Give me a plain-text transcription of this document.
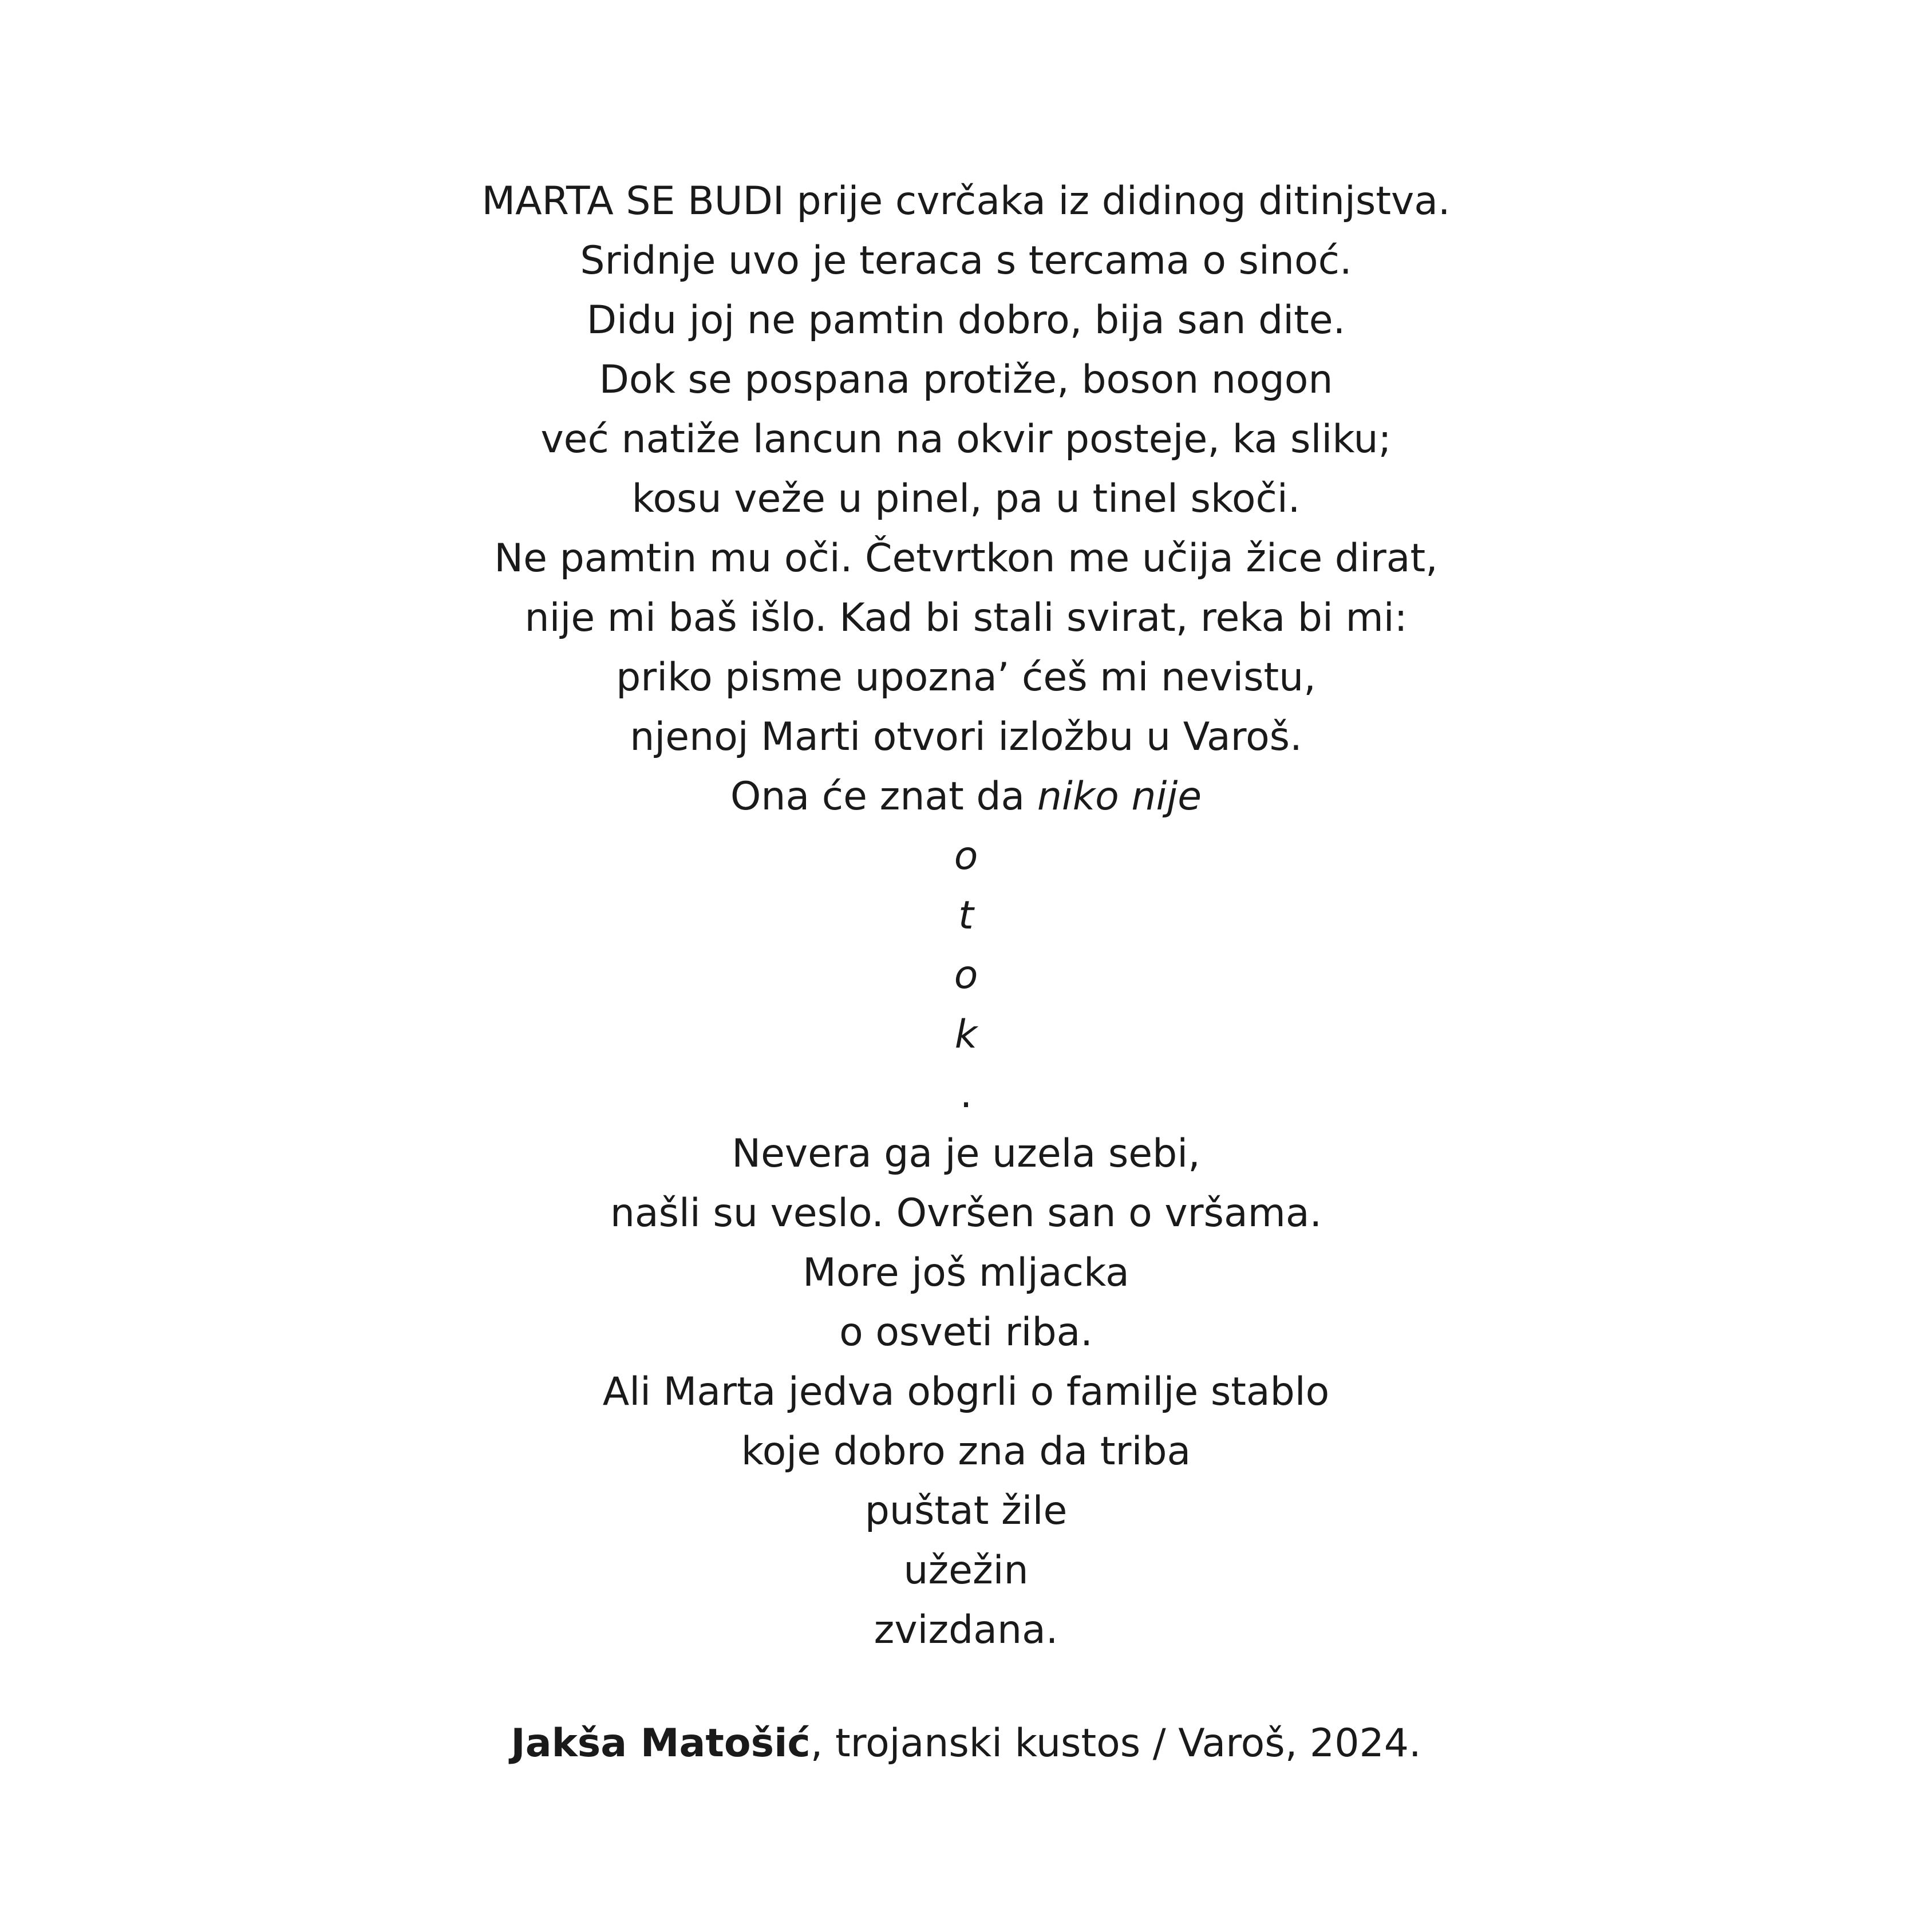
MARTA SE BUDI prije cvrčaka iz didinog ditinjstva.
Sridnje uvo je teraca s tercama o sinoć.
Didu joj ne pamtin dobro, bija san dite.
Dok se pospana protiže, boson nogon
već natiže lancun na okvir posteje, ka sliku;
kosu veže u pinel, pa u tinel skoči.
Ne pamtin mu oči. Četvrtkon me učija žice dirat,
nije mi baš išlo. Kad bi stali svirat, reka bi mi:
priko pisme upozna’ ćeš mi nevistu,
njenoj Marti otvori izložbu u Varoš.
Ona će znat da niko nije
o
t
o
k
.
Nevera ga je uzela sebi,
našli su veslo. Ovršen san o vršama.
More još mljacka
o osveti riba.
Ali Marta jedva obgrli o familje stablo
koje dobro zna da triba
puštat žile
užežin
zvizdana.
Jakša Matošić, trojanski kustos / Varoš, 2024.
